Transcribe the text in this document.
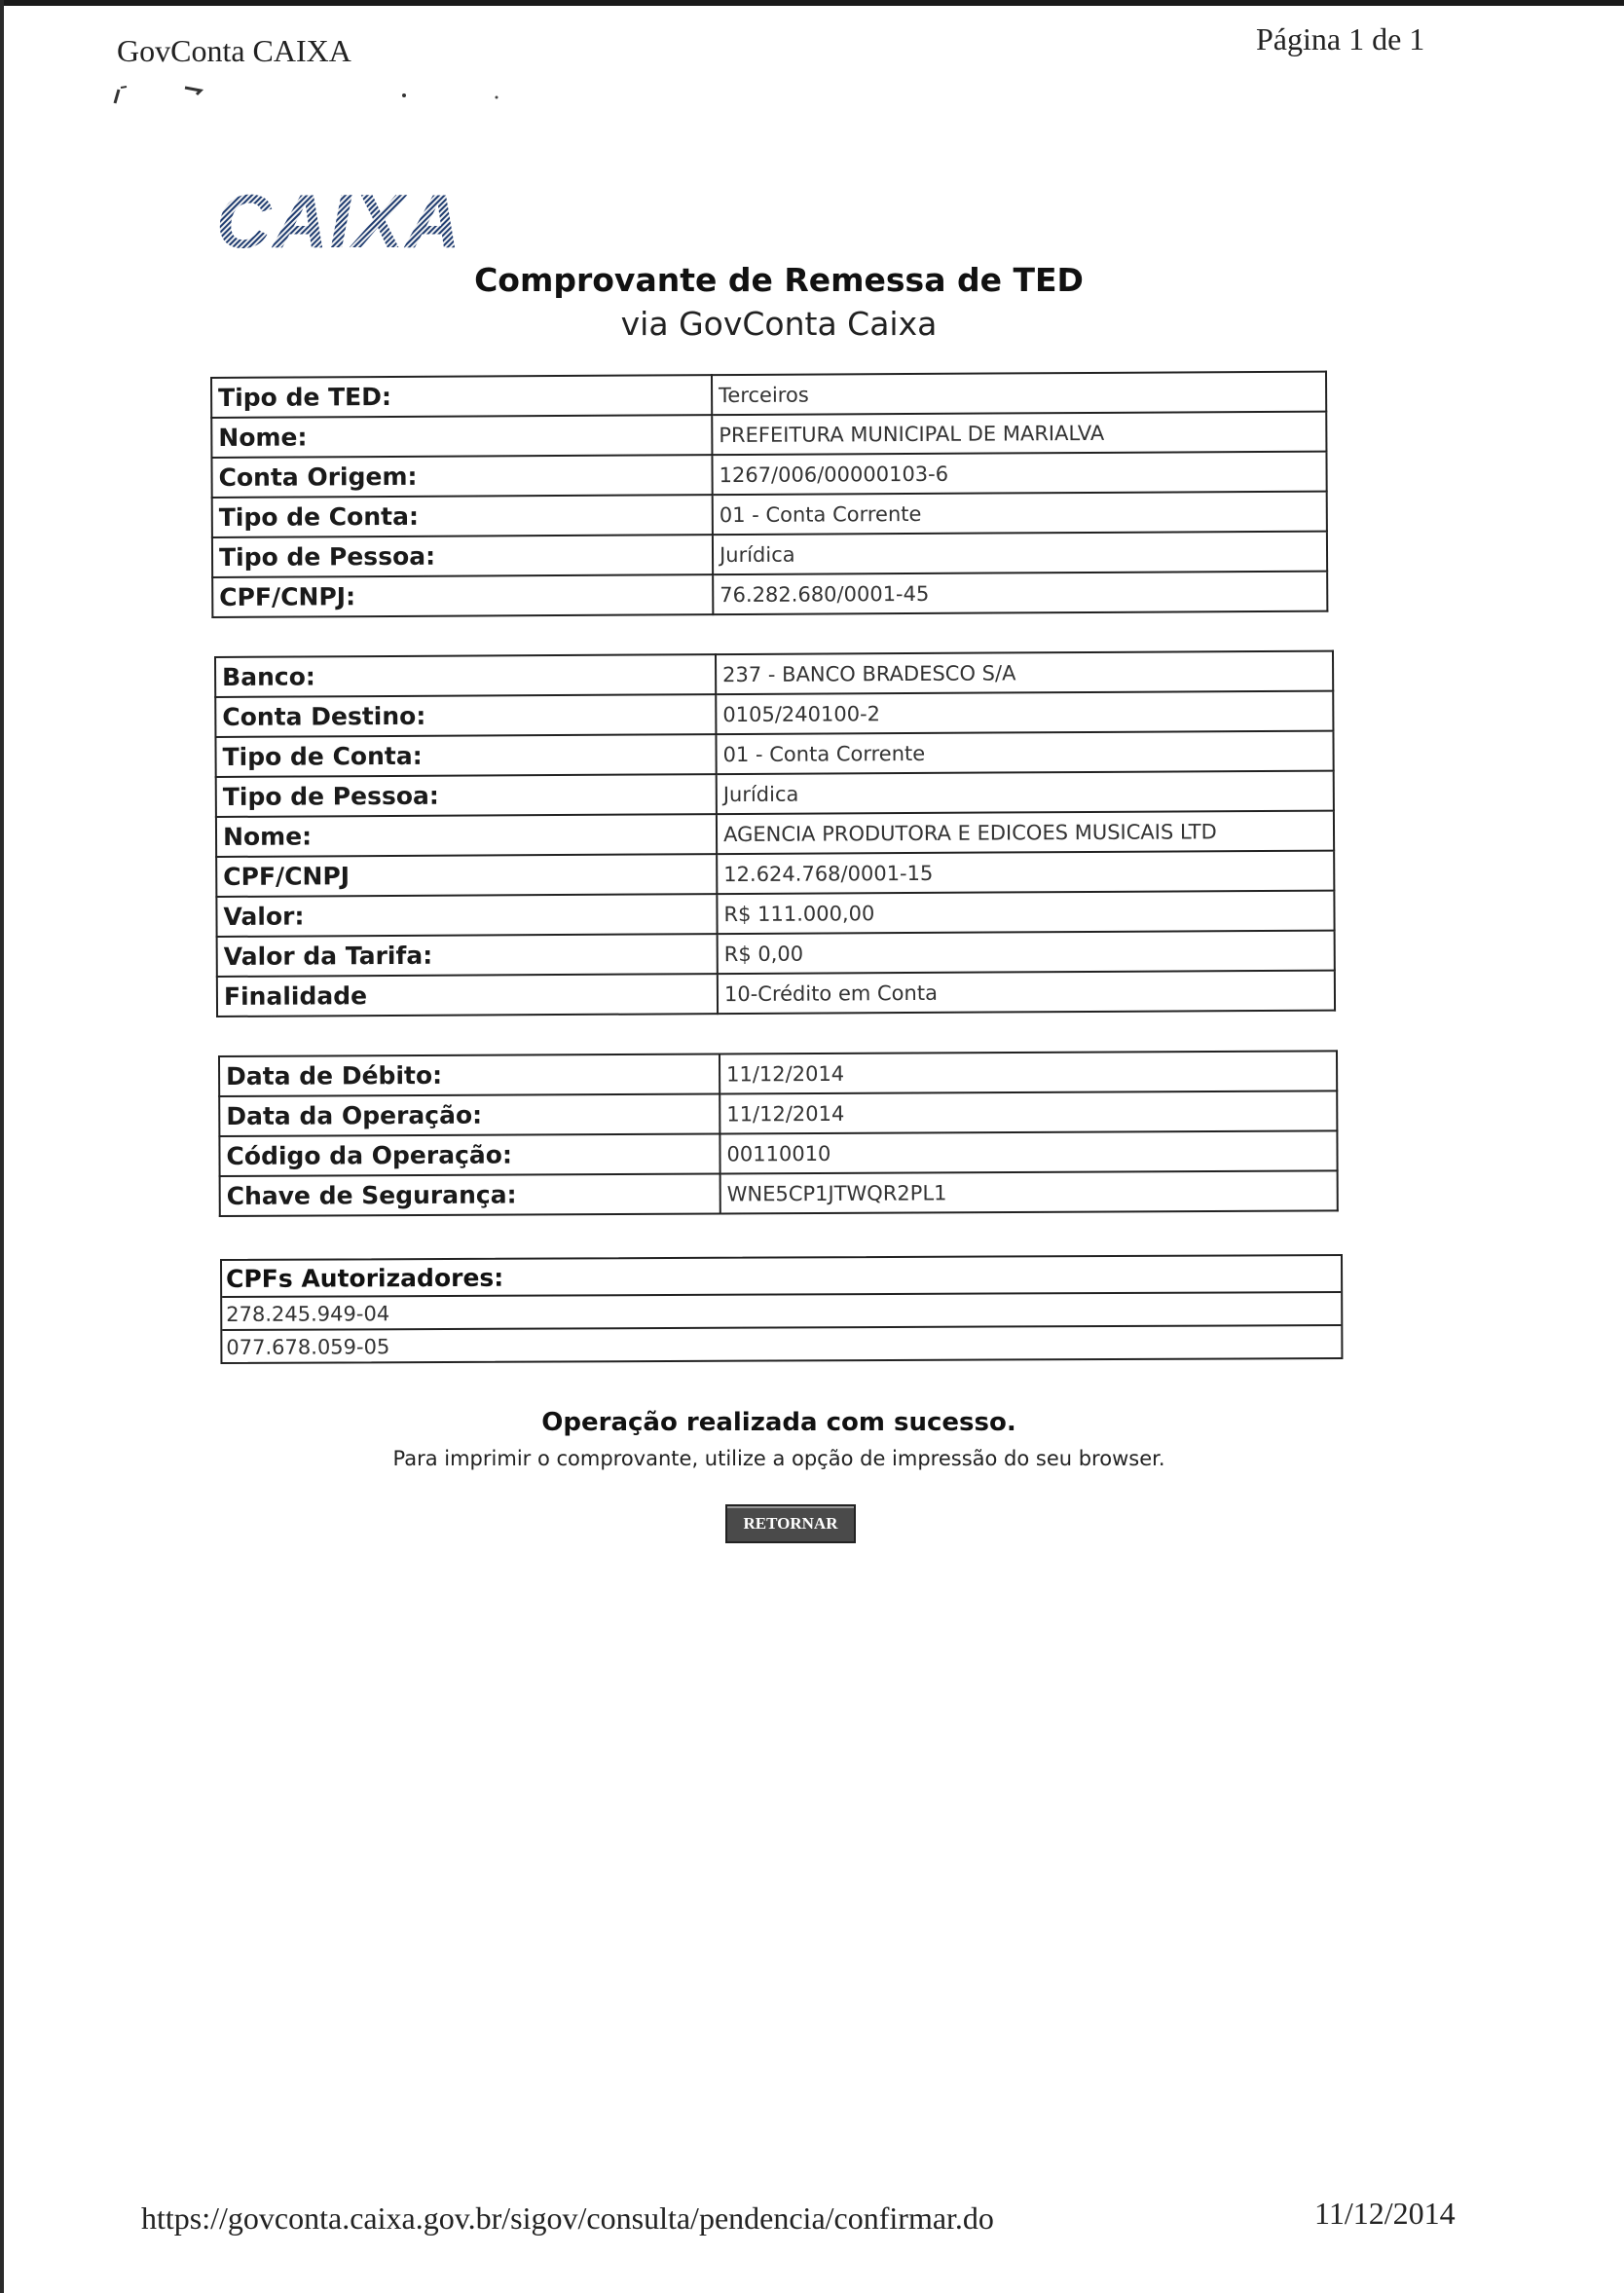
GovConta CAIXA	Página 1 de 1
CAIXA
Comprovante de Remessa de TED
via GovConta Caixa
Tipo de TED:	Terceiros
Nome:	PREFEITURA MUNICIPAL DE MARIALVA
Conta Origem:	1267/006/00000103-6
Tipo de Conta:	01 - Conta Corrente
Tipo de Pessoa:	Jurídica
CPF/CNPJ:	76.282.680/0001-45
Banco:	237 - BANCO BRADESCO S/A
Conta Destino:	0105/240100-2
Tipo de Conta:	01 - Conta Corrente
Tipo de Pessoa:	Jurídica
Nome:	AGENCIA PRODUTORA E EDICOES MUSICAIS LTD
CPF/CNPJ	12.624.768/0001-15
Valor:	R$ 111.000,00
Valor da Tarifa:	R$ 0,00
Finalidade	10-Crédito em Conta
Data de Débito:	11/12/2014
Data da Operação:	11/12/2014
Código da Operação:	00110010
Chave de Segurança:	WNE5CP1JTWQR2PL1
CPFs Autorizadores:
278.245.949-04
077.678.059-05
Operação realizada com sucesso.
Para imprimir o comprovante, utilize a opção de impressão do seu browser.
RETORNAR
https://govconta.caixa.gov.br/sigov/consulta/pendencia/confirmar.do	11/12/2014
